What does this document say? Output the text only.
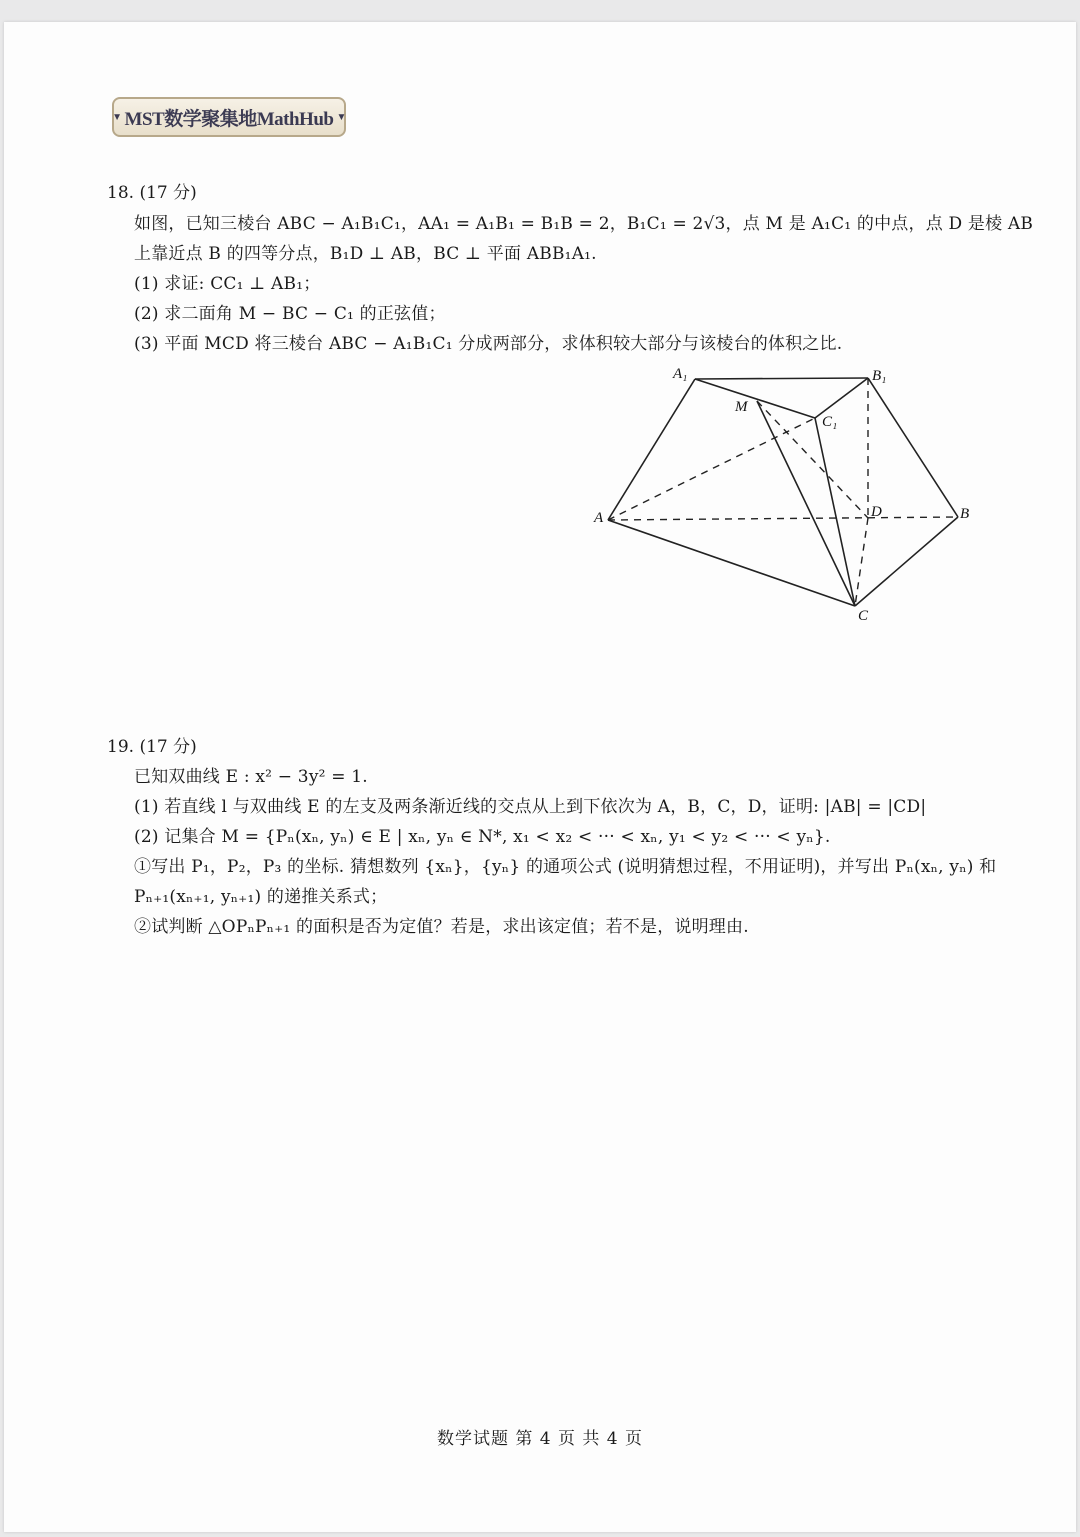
▼ MST数学聚集地MathHub ▼
18. (17 分)
如图，已知三棱台 ABC − A₁B₁C₁，AA₁ = A₁B₁ = B₁B = 2，B₁C₁ = 2√3，点 M 是 A₁C₁ 的中点，点 D 是棱 AB
上靠近点 B 的四等分点，B₁D ⊥ AB，BC ⊥ 平面 ABB₁A₁.
(1) 求证: CC₁ ⊥ AB₁；
(2) 求二面角 M − BC − C₁ 的正弦值；
(3) 平面 MCD 将三棱台 ABC − A₁B₁C₁ 分成两部分，求体积较大部分与该棱台的体积之比.
A₁	B₁
M
C₁
A	D	B
C
19. (17 分)
已知双曲线 E : x² − 3y² = 1.
(1) 若直线 l 与双曲线 E 的左支及两条渐近线的交点从上到下依次为 A，B，C，D，证明: |AB| = |CD|
(2) 记集合 M = {Pₙ(xₙ, yₙ) ∈ E | xₙ, yₙ ∈ N*, x₁ < x₂ < ··· < xₙ, y₁ < y₂ < ··· < yₙ}.
①写出 P₁，P₂，P₃ 的坐标. 猜想数列 {xₙ}，{yₙ} 的通项公式 (说明猜想过程，不用证明)，并写出 Pₙ(xₙ, yₙ) 和
Pₙ₊₁(xₙ₊₁, yₙ₊₁) 的递推关系式；
②试判断 △OPₙPₙ₊₁ 的面积是否为定值？若是，求出该定值；若不是，说明理由.
数学试题 第 4 页 共 4 页
